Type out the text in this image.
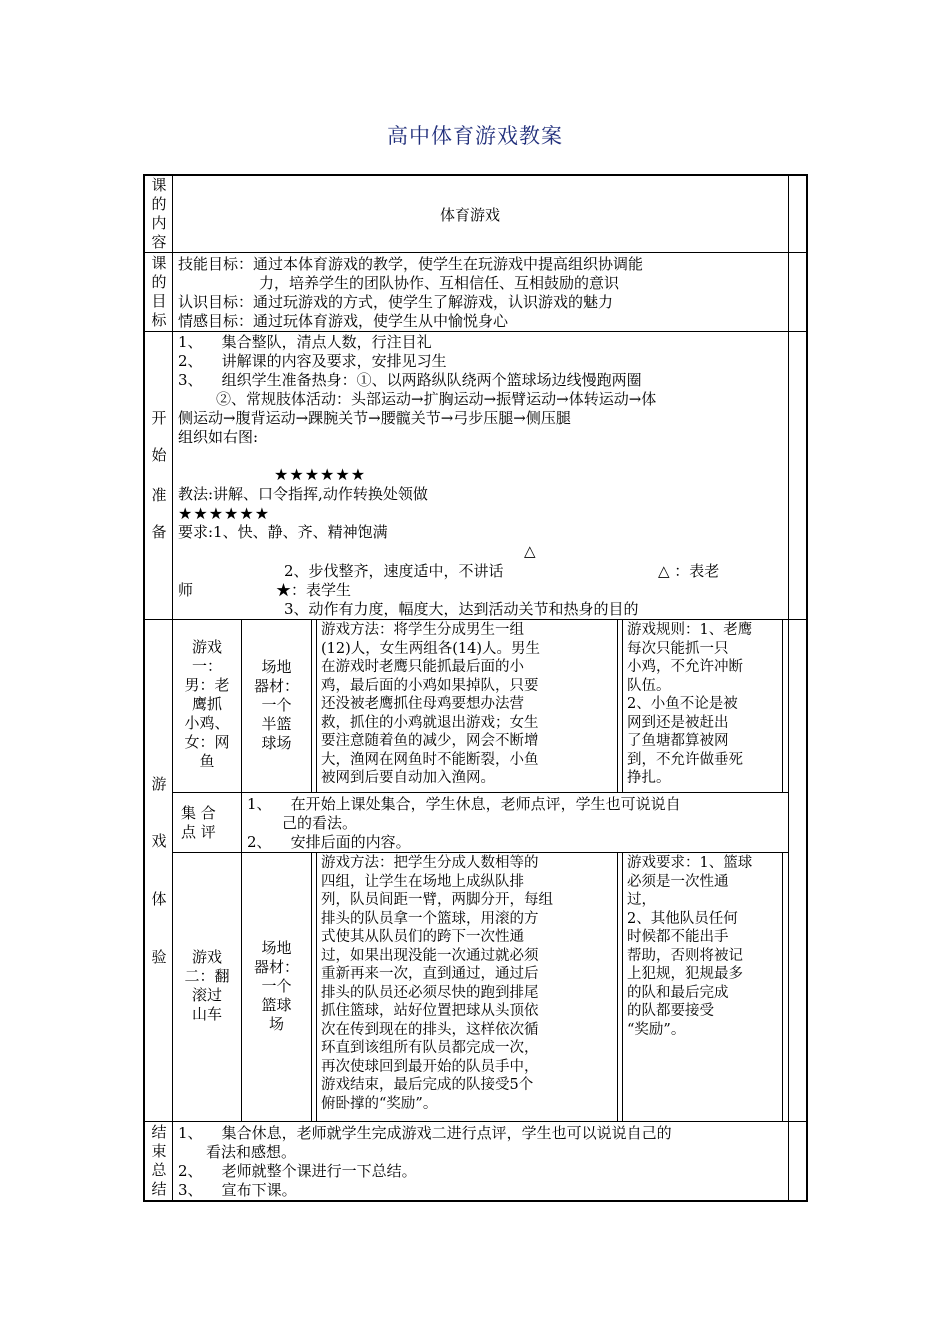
高中体育游戏教案
课的内容
体育游戏
课的目标
技能目标：通过本体育游戏的教学，使学生在玩游戏中提高组织协调能
力，培养学生的团队协作、互相信任、互相鼓励的意识
认识目标：通过玩游戏的方式，使学生了解游戏，认识游戏的魅力
情感目标：通过玩体育游戏，使学生从中愉悦身心
开
始
准
备
1、    集合整队，清点人数，行注目礼
2、    讲解课的内容及要求，安排见习生
3、    组织学生准备热身：①、以两路纵队绕两个篮球场边线慢跑两圈
②、常规肢体活动：头部运动→扩胸运动→振臂运动→体转运动→体
侧运动→腹背运动→踝腕关节→腰髋关节→弓步压腿→侧压腿
组织如右图:
★★★★★★
教法:讲解、口令指挥,动作转换处领做
★★★★★★
要求:1、快、静、齐、精神饱满
△
2、步伐整齐，速度适中，不讲话	△ ：表老
师	★：表学生
3、动作有力度，幅度大，达到活动关节和热身的目的
游
戏
体
验
游戏
一：
男：老
鹰抓
小鸡、
女：网
鱼
场地
器材：
一个
半篮
球场
游戏方法：将学生分成男生一组
(12)人，女生两组各(14)人。男生
在游戏时老鹰只能抓最后面的小
鸡，最后面的小鸡如果掉队，只要
还没被老鹰抓住母鸡要想办法营
救，抓住的小鸡就退出游戏；女生
要注意随着鱼的减少，网会不断增
大，渔网在网鱼时不能断裂，小鱼
被网到后要自动加入渔网。
游戏规则：1、老鹰
每次只能抓一只
小鸡，不允许冲断
队伍。
2、小鱼不论是被
网到还是被赶出
了鱼塘都算被网
到，不允许做垂死
挣扎。
集 合
点 评
1、    在开始上课处集合，学生休息，老师点评，学生也可说说自
己的看法。
2、    安排后面的内容。
游戏
二：翻
滚过
山车
场地
器材：
一个
篮球
场
游戏方法：把学生分成人数相等的
四组，让学生在场地上成纵队排
列，队员间距一臂，两脚分开，每组
排头的队员拿一个篮球，用滚的方
式使其从队员们的跨下一次性通
过，如果出现没能一次通过就必须
重新再来一次，直到通过，通过后
排头的队员还必须尽快的跑到排尾
抓住篮球，站好位置把球从头顶依
次在传到现在的排头，这样依次循
环直到该组所有队员都完成一次，
再次使球回到最开始的队员手中，
游戏结束，最后完成的队接受5个
俯卧撑的“奖励”。
游戏要求：1、篮球
必须是一次性通
过，
2、其他队员任何
时候都不能出手
帮助，否则将被记
上犯规，犯规最多
的队和最后完成
的队都要接受
“奖励”。
结束总结
1、    集合休息，老师就学生完成游戏二进行点评，学生也可以说说自己的
看法和感想。
2、    老师就整个课进行一下总结。
3、    宣布下课。
